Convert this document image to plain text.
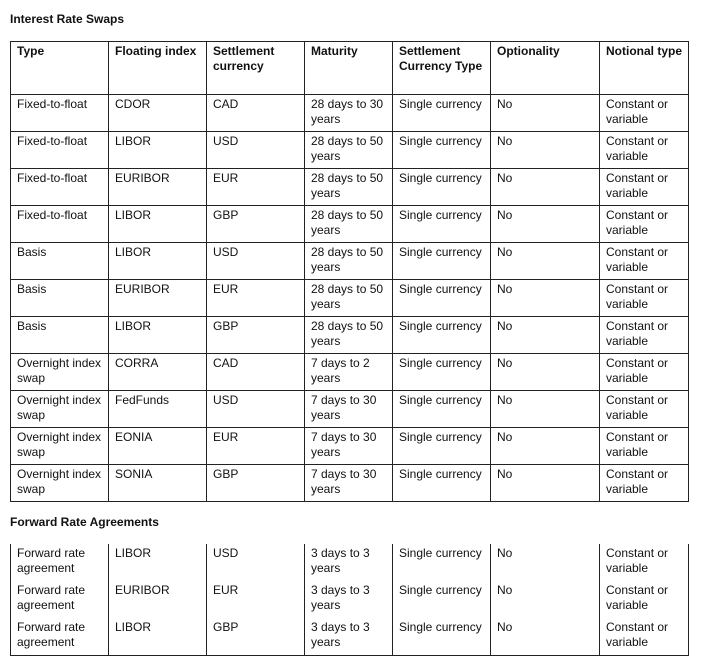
Interest Rate Swaps
Type	Floating index	Settlement currency	Maturity	Settlement Currency Type	Optionality	Notional type
Fixed-to-float	CDOR	CAD	28 days to 30 years	Single currency	No	Constant or variable
Fixed-to-float	LIBOR	USD	28 days to 50 years	Single currency	No	Constant or variable
Fixed-to-float	EURIBOR	EUR	28 days to 50 years	Single currency	No	Constant or variable
Fixed-to-float	LIBOR	GBP	28 days to 50 years	Single currency	No	Constant or variable
Basis	LIBOR	USD	28 days to 50 years	Single currency	No	Constant or variable
Basis	EURIBOR	EUR	28 days to 50 years	Single currency	No	Constant or variable
Basis	LIBOR	GBP	28 days to 50 years	Single currency	No	Constant or variable
Overnight index swap	CORRA	CAD	7 days to 2 years	Single currency	No	Constant or variable
Overnight index swap	FedFunds	USD	7 days to 30 years	Single currency	No	Constant or variable
Overnight index swap	EONIA	EUR	7 days to 30 years	Single currency	No	Constant or variable
Overnight index swap	SONIA	GBP	7 days to 30 years	Single currency	No	Constant or variable
Forward Rate Agreements
Forward rate agreement	LIBOR	USD	3 days to 3 years	Single currency	No	Constant or variable
Forward rate agreement	EURIBOR	EUR	3 days to 3 years	Single currency	No	Constant or variable
Forward rate agreement	LIBOR	GBP	3 days to 3 years	Single currency	No	Constant or variable
